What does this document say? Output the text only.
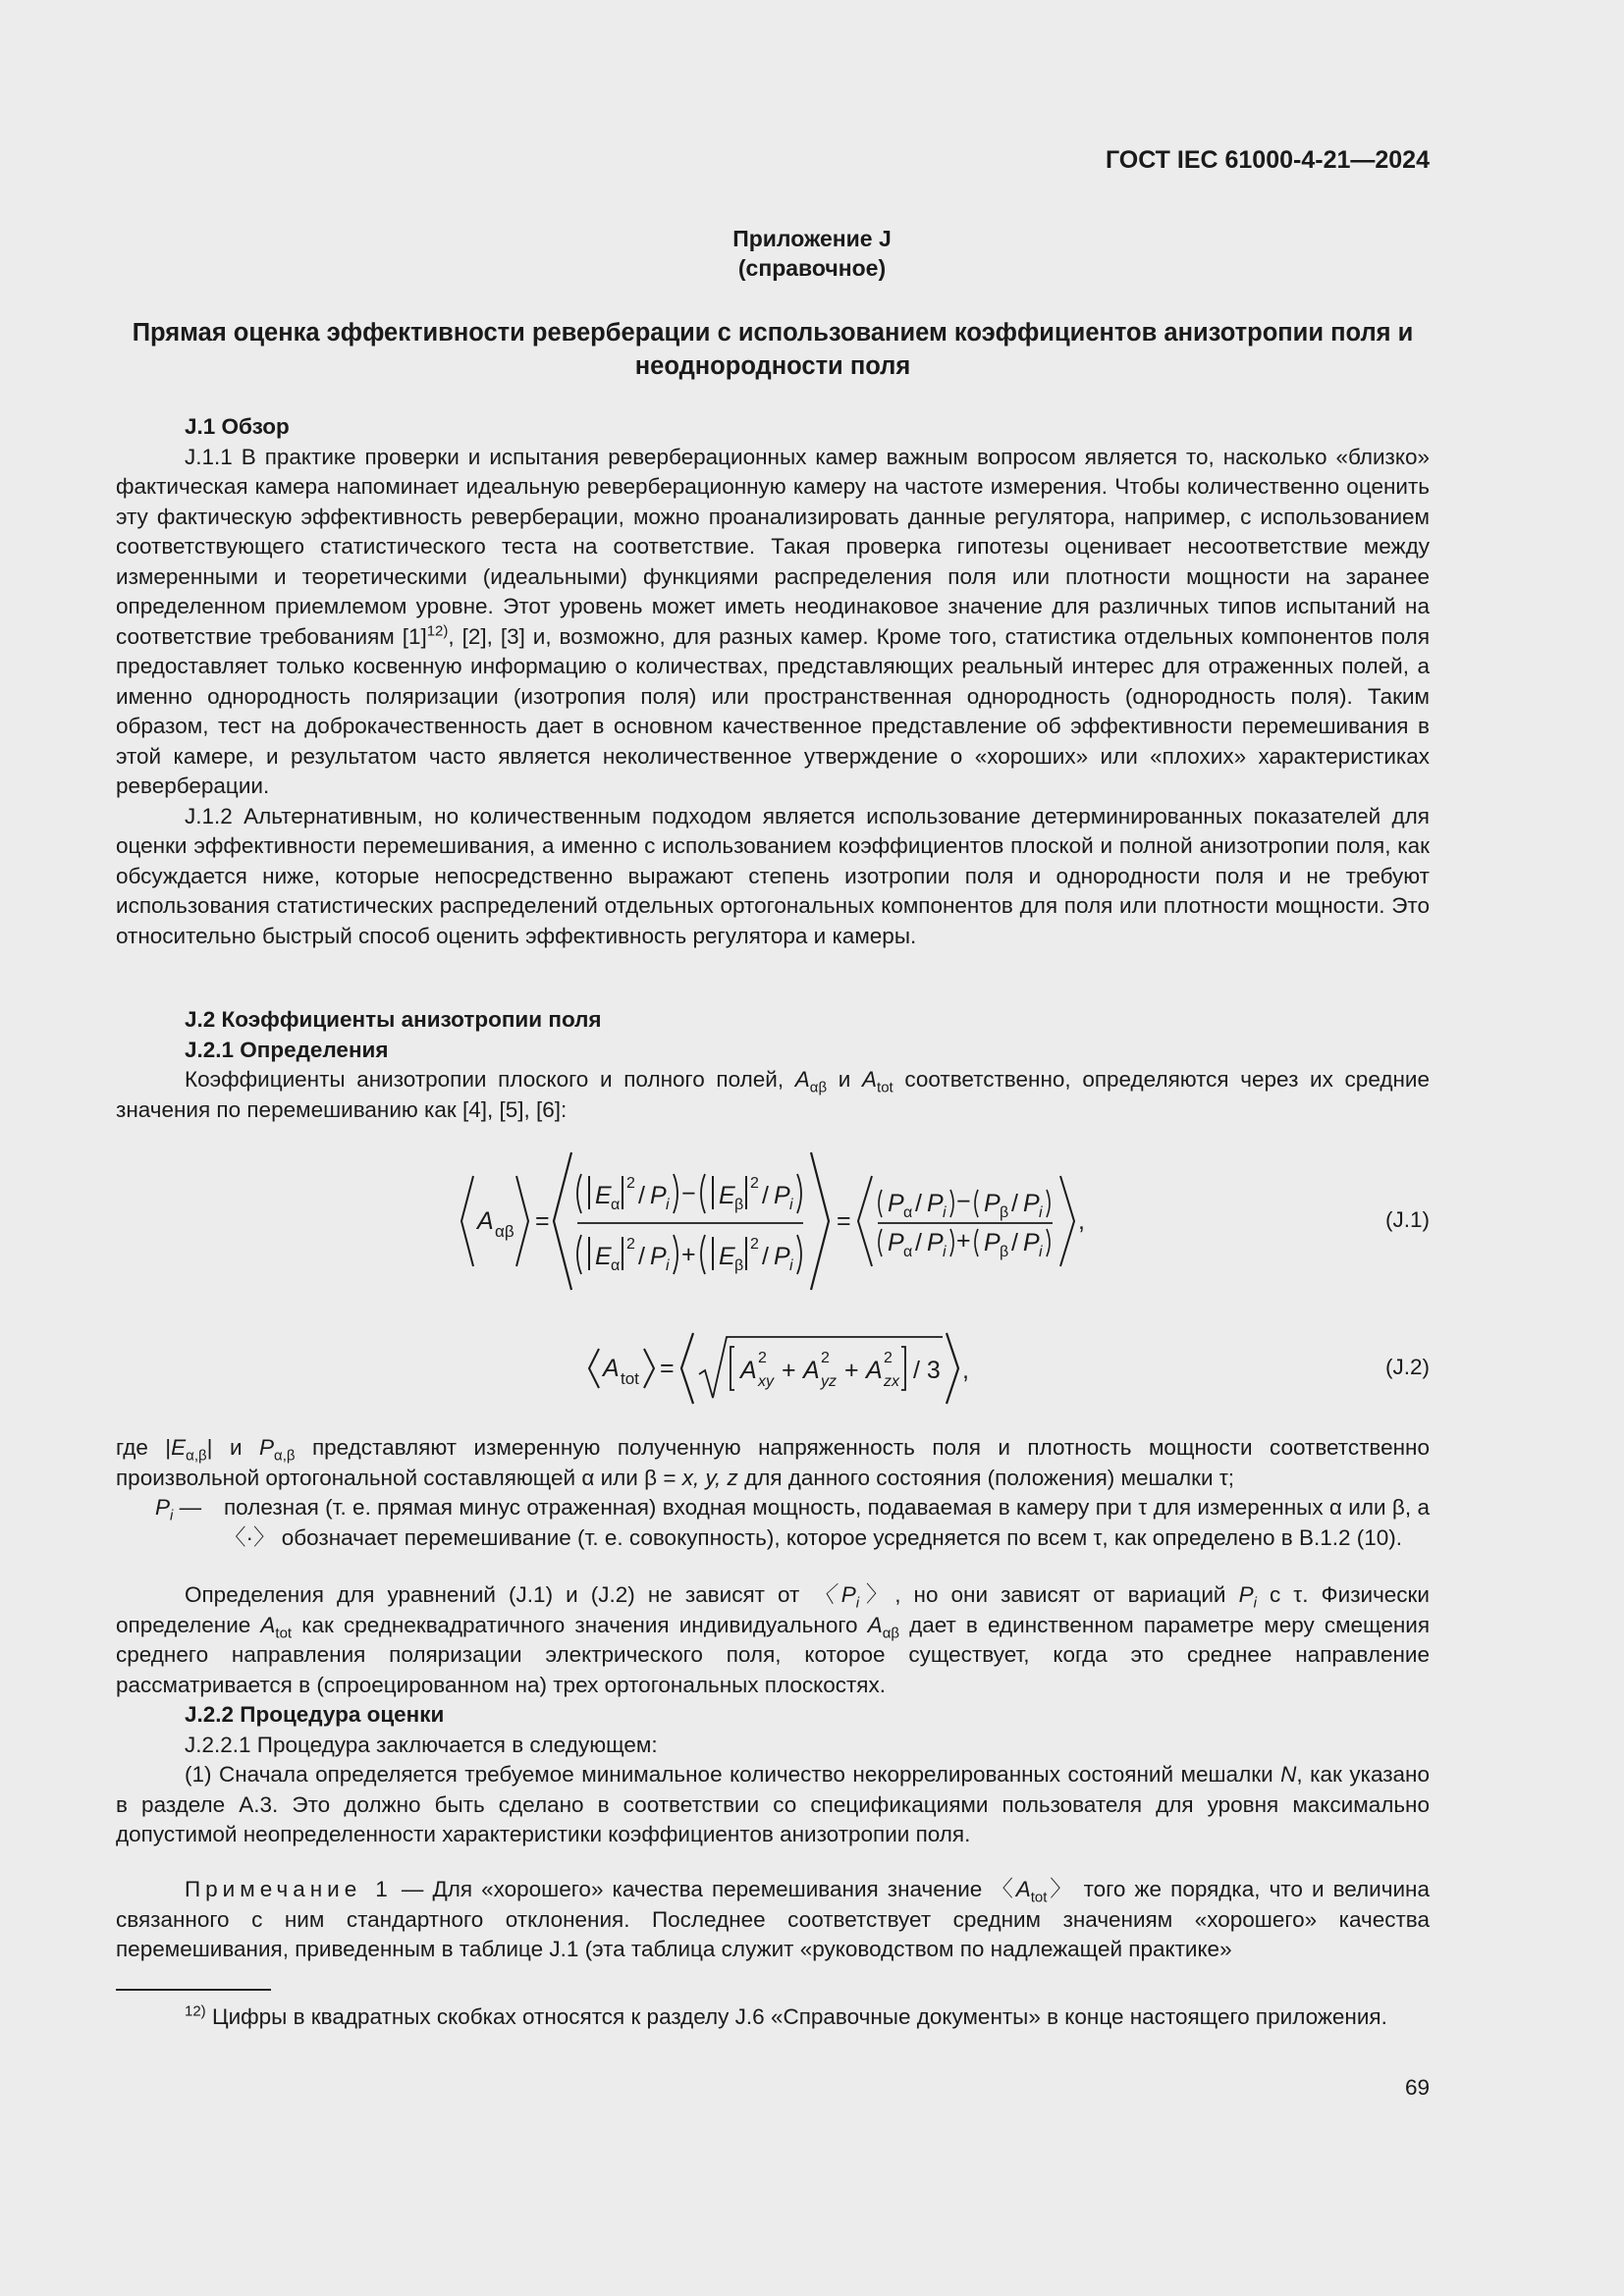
ГОСТ IEC 61000-4-21—2024
Приложение J
(справочное)
Прямая оценка эффективности реверберации с использованием коэффициентов анизотропии поля и неоднородности поля
J.1 Обзор

J.1.1 В практике проверки и испытания реверберационных камер важным вопросом является то, насколько «близко» фактическая камера напоминает идеальную реверберационную камеру на частоте измерения. Чтобы количественно оценить эту фактическую эффективность реверберации, можно проанализировать данные регулятора, например, с использованием соответствующего статистического теста на соответствие. Такая проверка гипотезы оценивает несоответствие между измеренными и теоретическими (идеальными) функциями распределения поля или плотности мощности на заранее определенном приемлемом уровне. Этот уровень может иметь неодинаковое значение для различных типов испытаний на соответствие требованиям $[1]^{12)}$, [2], [3] и, возможно, для разных камер. Кроме того, статистика отдельных компонентов поля предоставляет только косвенную информацию о количествах, представляющих реальный интерес для отраженных полей, а именно однородность поляризации (изотропия поля) или пространственная однородность (однородность поля). Таким образом, тест на доброкачественность дает в основном качественное представление об эффективности перемешивания в этой камере, и результатом часто является неколичественное утверждение о «хороших» или «плохих» характеристиках реверберации.

J.1.2 Альтернативным, но количественным подходом является использование детерминированных показателей для оценки эффективности перемешивания, а именно с использованием коэффициентов плоской и полной анизотропии поля, как обсуждается ниже, которые непосредственно выражают степень изотропии поля и однородности поля и не требуют использования статистических распределений отдельных ортогональных компонентов для поля или плотности мощности. Это относительно быстрый способ оценить эффективность регулятора и камеры.

J.2 Коэффициенты анизотропии поля
J.2.1 Определения

Коэффициенты анизотропии плоского и полного полей, $A_{\alpha\beta}$ и $A_{tot}$ соответственно, определяются через их средние значения по перемешиванию как [4], [5], [6]:

A αβ =
E α
2 / P i − E β
2 / P i
E α
2 / P i + E β
2 / P i
=
P α / P i − P β / P i
P α / P i + P β / P i
,	(J.1)
A tot =	A 2
xy + A 2
yz + A 2
zx / 3 ,	(J.2)

где $|E_{\alpha,\beta}|$ и $P_{\alpha,\beta}$ представляют измеренную полученную напряженность поля и плотность мощности соответственно произвольной ортогональной составляющей α или β = x, y, z для данного состояния (положения) мешалки τ;

$P_i$ —	полезная (т. е. прямая минус отраженная) входная мощность, подаваемая в камеру при τ для измеренных α или β, а 〈·〉 обозначает перемешивание (т. е. совокупность), которое усредняется по всем τ, как определено в B.1.2 (10).

Определения для уравнений (J.1) и (J.2) не зависят от 〈$P_i$〉, но они зависят от вариаций $P_i$ с τ. Физически определение $A_{tot}$ как среднеквадратичного значения индивидуального $A_{\alpha\beta}$ дает в единственном параметре меру смещения среднего направления поляризации электрического поля, которое существует, когда это среднее направление рассматривается в (спроецированном на) трех ортогональных плоскостях.

J.2.2 Процедура оценки

J.2.2.1 Процедура заключается в следующем:

(1) Сначала определяется требуемое минимальное количество некоррелированных состояний мешалки N, как указано в разделе A.3. Это должно быть сделано в соответствии со спецификациями пользователя для уровня максимально допустимой неопределенности характеристики коэффициентов анизотропии поля.

Примечание 1 — Для «хорошего» качества перемешивания значение 〈$A_{tot}$〉 того же порядка, что и величина связанного с ним стандартного отклонения. Последнее соответствует средним значениям «хорошего» качества перемешивания, приведенным в таблице J.1 (эта таблица служит «руководством по надлежащей практике»

$^{12)}$ Цифры в квадратных скобках относятся к разделу J.6 «Справочные документы» в конце настоящего приложения.

69
